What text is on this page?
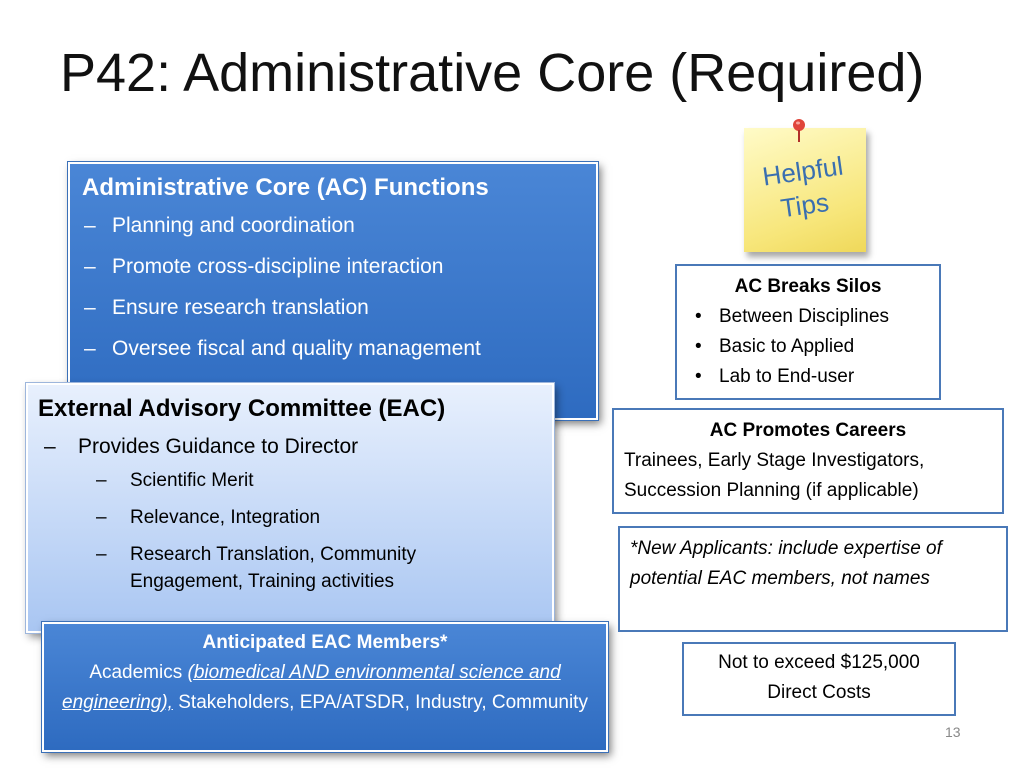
P42: Administrative Core (Required)
Helpful
Tips
Administrative Core (AC) Functions
– Planning and coordination
– Promote cross-discipline interaction
– Ensure research translation
– Oversee fiscal and quality management
External Advisory Committee (EAC)
– Provides Guidance to Director
– Scientific Merit
– Relevance, Integration
– Research Translation, Community Engagement, Training activities
Anticipated EAC Members*
Academics (biomedical AND environmental science and engineering), Stakeholders, EPA/ATSDR, Industry, Community
AC Breaks Silos
• Between Disciplines
• Basic to Applied
• Lab to End-user
AC Promotes Careers
Trainees, Early Stage Investigators,
Succession Planning (if applicable)
*New Applicants: include expertise of potential EAC members, not names
Not to exceed $125,000
Direct Costs
13
